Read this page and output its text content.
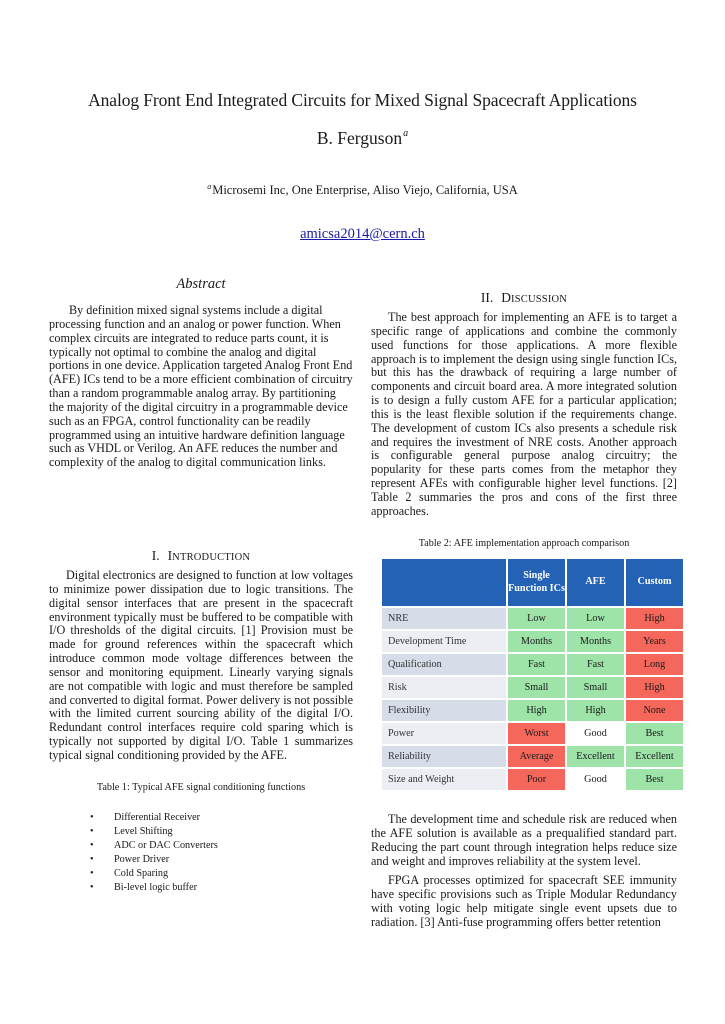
Analog Front End Integrated Circuits for Mixed Signal Spacecraft Applications
B. Ferguson$^a$
$^a$Microsemi Inc, One Enterprise, Aliso Viejo, California, USA
amicsa2014@cern.ch
Abstract

By definition mixed signal systems include a digital processing function and an analog or power function. When complex circuits are integrated to reduce parts count, it is typically not optimal to combine the analog and digital portions in one device. Application targeted Analog Front End (AFE) ICs tend to be a more efficient combination of circuitry than a random programmable analog array. By partitioning the majority of the digital circuitry in a programmable device such as an FPGA, control functionality can be readily programmed using an intuitive hardware definition language such as VHDL or Verilog. An AFE reduces the number and complexity of the analog to digital communication links.

I. INTRODUCTION

Digital electronics are designed to function at low voltages to minimize power dissipation due to logic transitions. The digital sensor interfaces that are present in the spacecraft environment typically must be buffered to be compatible with I/O thresholds of the digital circuits. [1] Provision must be made for ground references within the spacecraft which introduce common mode voltage differences between the sensor and monitoring equipment. Linearly varying signals are not compatible with logic and must therefore be sampled and converted to digital format. Power delivery is not possible with the limited current sourcing ability of the digital I/O. Redundant control interfaces require cold sparing which is typically not supported by digital I/O. Table 1 summarizes typical signal conditioning provided by the AFE.

Table 1: Typical AFE signal conditioning functions
• Differential Receiver
• Level Shifting
• ADC or DAC Converters
• Power Driver
• Cold Sparing
• Bi-level logic buffer
II. DISCUSSION

The best approach for implementing an AFE is to target a specific range of applications and combine the commonly used functions for those applications. A more flexible approach is to implement the design using single function ICs, but this has the drawback of requiring a large number of components and circuit board area. A more integrated solution is to design a fully custom AFE for a particular application; this is the least flexible solution if the requirements change. The development of custom ICs also presents a schedule risk and requires the investment of NRE costs. Another approach is configurable general purpose analog circuitry; the popularity for these parts comes from the metaphor they represent AFEs with configurable higher level functions. [2] Table 2 summaries the pros and cons of the first three approaches.

Table 2: AFE implementation approach comparison
	Single Function ICs	AFE	Custom
NRE	Low	Low	High
Development Time	Months	Months	Years
Qualification	Fast	Fast	Long
Risk	Small	Small	High
Flexibility	High	High	None
Power	Worst	Good	Best
Reliability	Average	Excellent	Excellent
Size and Weight	Poor	Good	Best

The development time and schedule risk are reduced when the AFE solution is available as a prequalified standard part. Reducing the part count through integration helps reduce size and weight and improves reliability at the system level.

FPGA processes optimized for spacecraft SEE immunity have specific provisions such as Triple Modular Redundancy with voting logic help mitigate single event upsets due to radiation. [3] Anti-fuse programming offers better retention
